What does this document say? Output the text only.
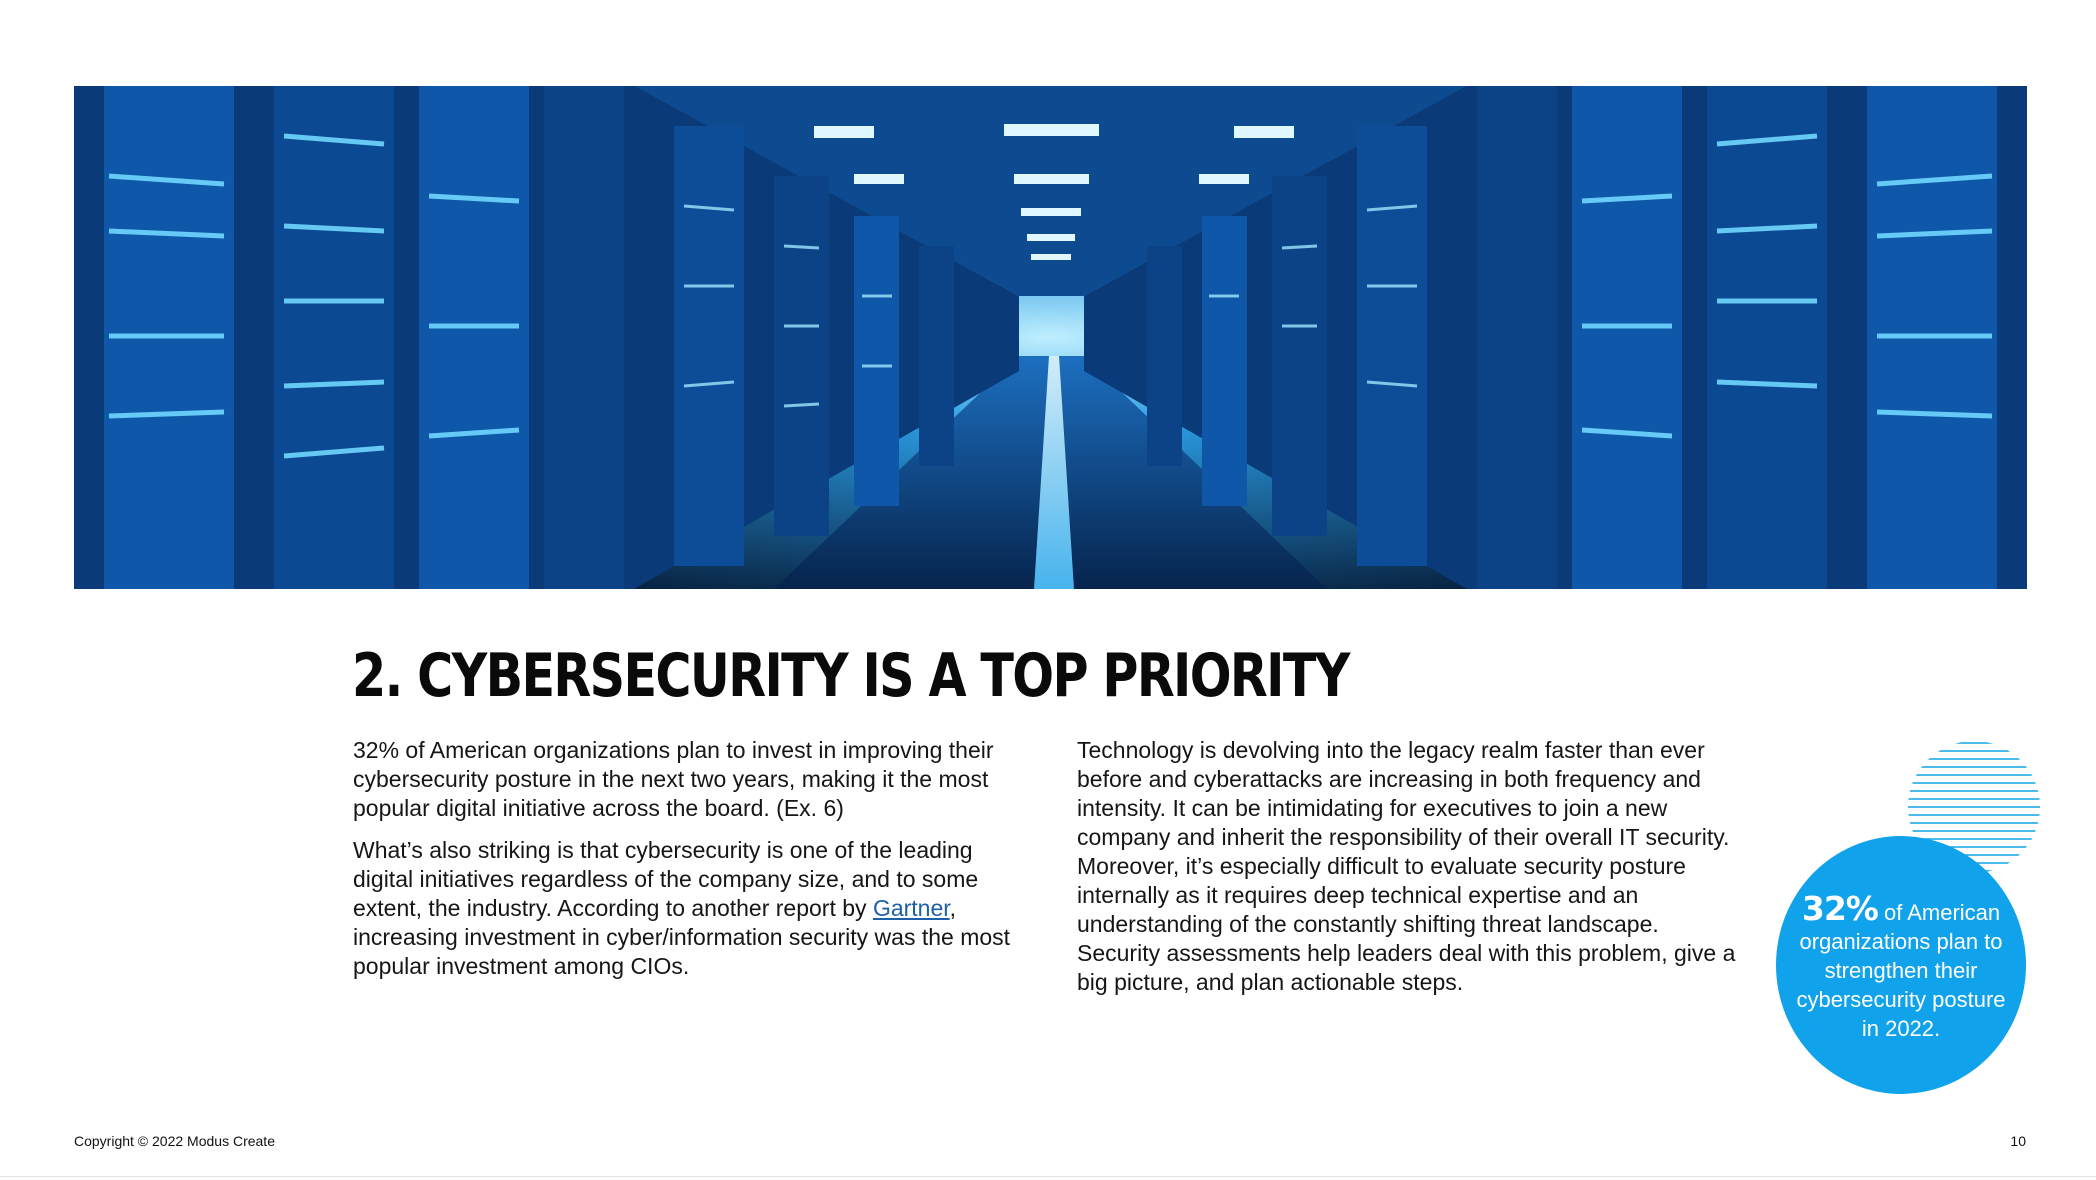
2. CYBERSECURITY IS A TOP PRIORITY

32% of American organizations plan to invest in improving their cybersecurity posture in the next two years, making it the most popular digital initiative across the board. (Ex. 6)

What’s also striking is that cybersecurity is one of the leading digital initiatives regardless of the company size, and to some extent, the industry. According to another report by Gartner, increasing investment in cyber/information security was the most popular investment among CIOs.

Technology is devolving into the legacy realm faster than ever before and cyberattacks are increasing in both frequency and intensity. It can be intimidating for executives to join a new company and inherit the responsibility of their overall IT security. Moreover, it’s especially difficult to evaluate security posture internally as it requires deep technical expertise and an understanding of the constantly shifting threat landscape. Security assessments help leaders deal with this problem, give a big picture, and plan actionable steps.

32% of American organizations plan to strengthen their cybersecurity posture in 2022.
Copyright © 2022 Modus Create	10
